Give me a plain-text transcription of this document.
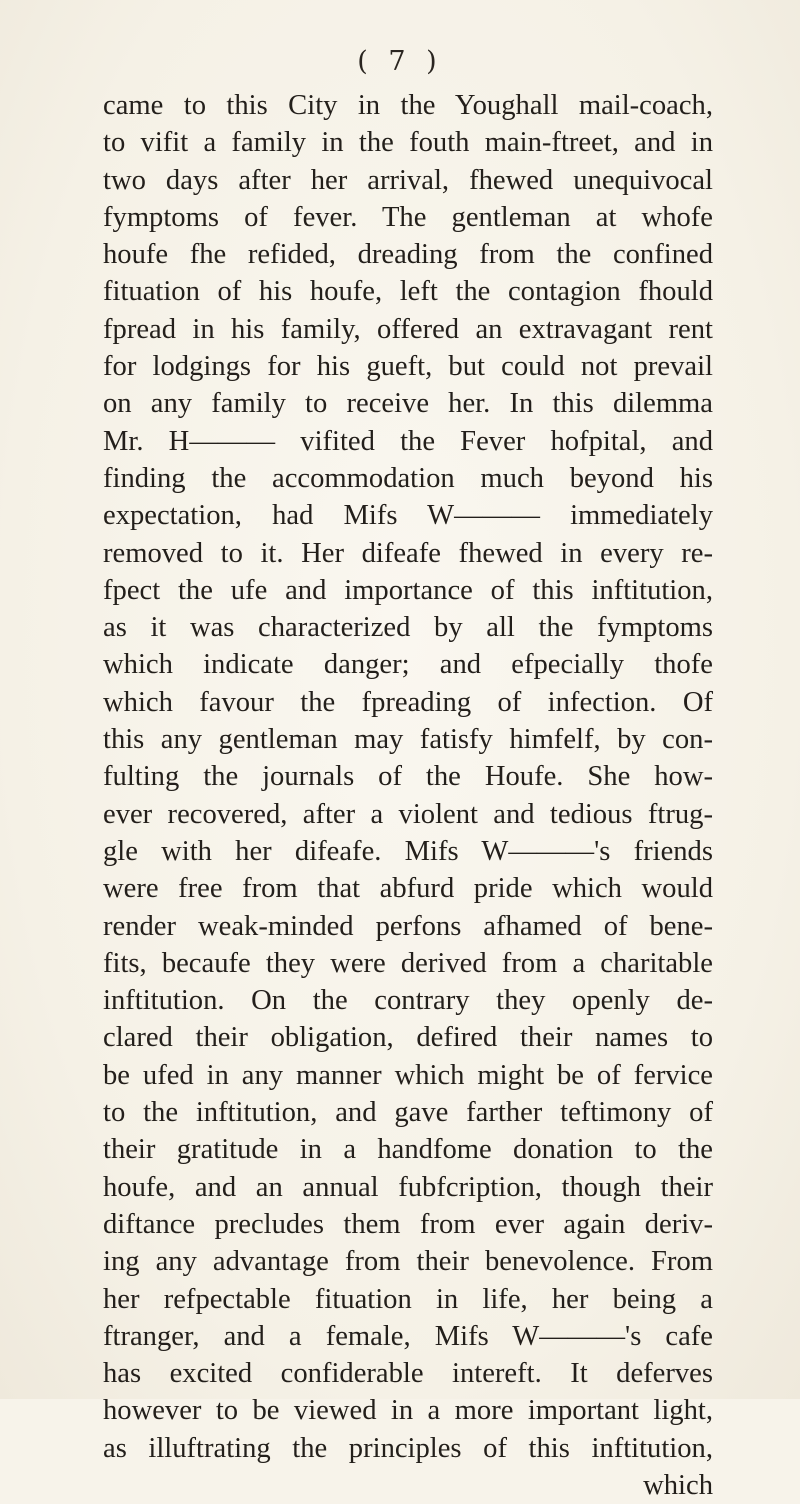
( 7 )
came to this City in the Youghall mail-coach,
to vifit a family in the fouth main-ftreet, and in
two days after her arrival, fhewed unequivocal
fymptoms of fever. The gentleman at whofe
houfe fhe refided, dreading from the confined
fituation of his houfe, left the contagion fhould
fpread in his family, offered an extravagant rent
for lodgings for his gueft, but could not prevail
on any family to receive her. In this dilemma
Mr. H——— vifited the Fever hofpital, and
finding the accommodation much beyond his
expectation, had Mifs W——— immediately
removed to it. Her difeafe fhewed in every re-
fpect the ufe and importance of this inftitution,
as it was characterized by all the fymptoms
which indicate danger; and efpecially thofe
which favour the fpreading of infection. Of
this any gentleman may fatisfy himfelf, by con-
fulting the journals of the Houfe. She how-
ever recovered, after a violent and tedious ftrug-
gle with her difeafe. Mifs W———'s friends
were free from that abfurd pride which would
render weak-minded perfons afhamed of bene-
fits, becaufe they were derived from a charitable
inftitution. On the contrary they openly de-
clared their obligation, defired their names to
be ufed in any manner which might be of fervice
to the inftitution, and gave farther teftimony of
their gratitude in a handfome donation to the
houfe, and an annual fubfcription, though their
diftance precludes them from ever again deriv-
ing any advantage from their benevolence. From
her refpectable fituation in life, her being a
ftranger, and a female, Mifs W———'s cafe
has excited confiderable intereft. It deferves
however to be viewed in a more important light,
as illuftrating the principles of this inftitution,
which
